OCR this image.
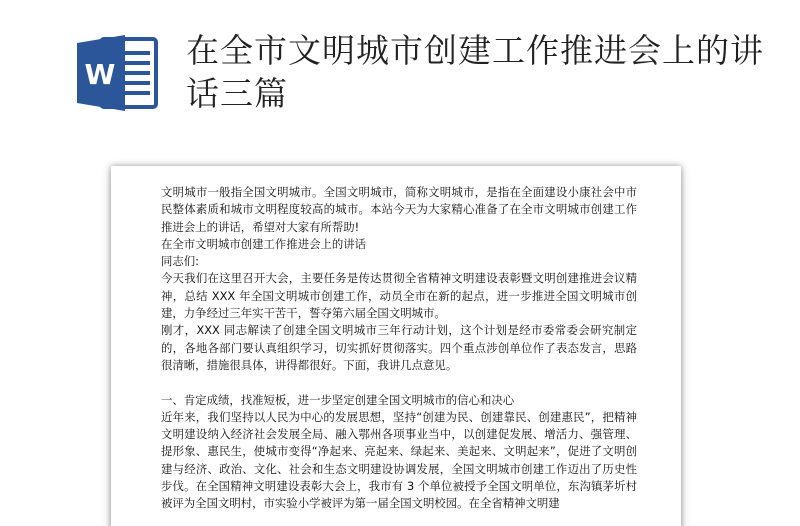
W
在全市文明城市创建工作推进会上的讲话三篇

文明城市一般指全国文明城市。全国文明城市，简称文明城市，是指在全面建设小康社会中市民整体素质和城市文明程度较高的城市。本站今天为大家精心准备了在全市文明城市创建工作推进会上的讲话，希望对大家有所帮助!

在全市文明城市创建工作推进会上的讲话

同志们:

今天我们在这里召开大会，主要任务是传达贯彻全省精神文明建设表彰暨文明创建推进会议精神，总结 XXX 年全国文明城市创建工作，动员全市在新的起点，进一步推进全国文明城市创建，力争经过三年实干苦干，誓夺第六届全国文明城市。

刚才，XXX 同志解读了创建全国文明城市三年行动计划，这个计划是经市委常委会研究制定的，各地各部门要认真组织学习，切实抓好贯彻落实。四个重点涉创单位作了表态发言，思路很清晰，措施很具体，讲得都很好。下面，我讲几点意见。

一、肯定成绩，找准短板，进一步坚定创建全国文明城市的信心和决心

近年来，我们坚持以人民为中心的发展思想，坚持“创建为民、创建靠民、创建惠民”，把精神文明建设纳入经济社会发展全局、融入鄂州各项事业当中，以创建促发展、增活力、强管理、提形象、惠民生，使城市变得“净起来、亮起来、绿起来、美起来、文明起来”，促进了文明创建与经济、政治、文化、社会和生态文明建设协调发展，全国文明城市创建工作迈出了历史性步伐。在全国精神文明建设表彰大会上，我市有 3 个单位被授予全国文明单位，东沟镇茅圻村被评为全国文明村，市实验小学被评为第一届全国文明校园。在全省精神文明建
